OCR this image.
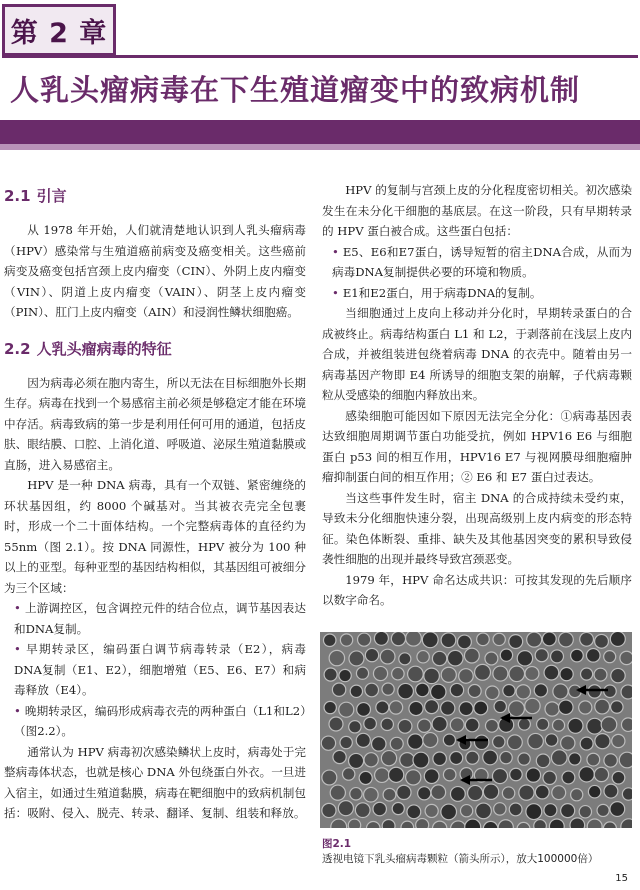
第 2 章
人乳头瘤病毒在下生殖道瘤变中的致病机制
2.1 引言

从 1978 年开始，人们就清楚地认识到人乳头瘤病毒（HPV）感染常与生殖道癌前病变及癌变相关。这些癌前病变及癌变包括宫颈上皮内瘤变（CIN）、外阴上皮内瘤变（VIN）、阴道上皮内瘤变（VAIN）、阴茎上皮内瘤变（PIN）、肛门上皮内瘤变（AIN）和浸润性鳞状细胞癌。

2.2 人乳头瘤病毒的特征

因为病毒必须在胞内寄生，所以无法在目标细胞外长期生存。病毒在找到一个易感宿主前必须是够稳定才能在环境中存活。病毒致病的第一步是利用任何可用的通道，包括皮肤、眼结膜、口腔、上消化道、呼吸道、泌尿生殖道黏膜或直肠，进入易感宿主。

HPV 是一种 DNA 病毒，具有一个双链、紧密缠绕的环状基因组，约 8000 个碱基对。当其被衣壳完全包裹时，形成一个二十面体结构。一个完整病毒体的直径约为 55nm（图 2.1）。按 DNA 同源性，HPV 被分为 100 种以上的亚型。每种亚型的基因结构相似，其基因组可被细分为三个区域：

• 上游调控区，包含调控元件的结合位点，调节基因表达和DNA复制。

• 早期转录区，编码蛋白调节病毒转录（E2），病毒DNA复制（E1、E2），细胞增殖（E5、E6、E7）和病毒释放（E4）。

• 晚期转录区，编码形成病毒衣壳的两种蛋白（L1和L2）（图2.2）。

通常认为 HPV 病毒初次感染鳞状上皮时，病毒处于完整病毒体状态，也就是核心 DNA 外包绕蛋白外衣。一旦进入宿主，如通过生殖道黏膜，病毒在靶细胞中的致病机制包括：吸附、侵入、脱壳、转录、翻译、复制、组装和释放。

HPV 的复制与宫颈上皮的分化程度密切相关。初次感染发生在未分化干细胞的基底层。在这一阶段，只有早期转录的 HPV 蛋白被合成。这些蛋白包括：

• E5、E6和E7蛋白，诱导短暂的宿主DNA合成，从而为病毒DNA复制提供必要的环境和物质。

• E1和E2蛋白，用于病毒DNA的复制。

当细胞通过上皮向上移动并分化时，早期转录蛋白的合成被终止。病毒结构蛋白 L1 和 L2，于剥落前在浅层上皮内合成，并被组装进包绕着病毒 DNA 的衣壳中。随着由另一病毒基因产物即 E4 所诱导的细胞支架的崩解，子代病毒颗粒从受感染的细胞内释放出来。

感染细胞可能因如下原因无法完全分化：①病毒基因表达致细胞周期调节蛋白功能受抗，例如 HPV16 E6 与细胞蛋白 p53 间的相互作用，HPV16 E7 与视网膜母细胞瘤肿瘤抑制蛋白间的相互作用；② E6 和 E7 蛋白过表达。

当这些事件发生时，宿主 DNA 的合成持续未受约束，导致未分化细胞快速分裂，出现高级别上皮内病变的形态特征。染色体断裂、重排、缺失及其他基因突变的累积导致侵袭性细胞的出现并最终导致宫颈恶变。

1979 年，HPV 命名达成共识：可按其发现的先后顺序以数字命名。

图2.1透视电镜下乳头瘤病毒颗粒（箭头所示），放大100000倍）
15
